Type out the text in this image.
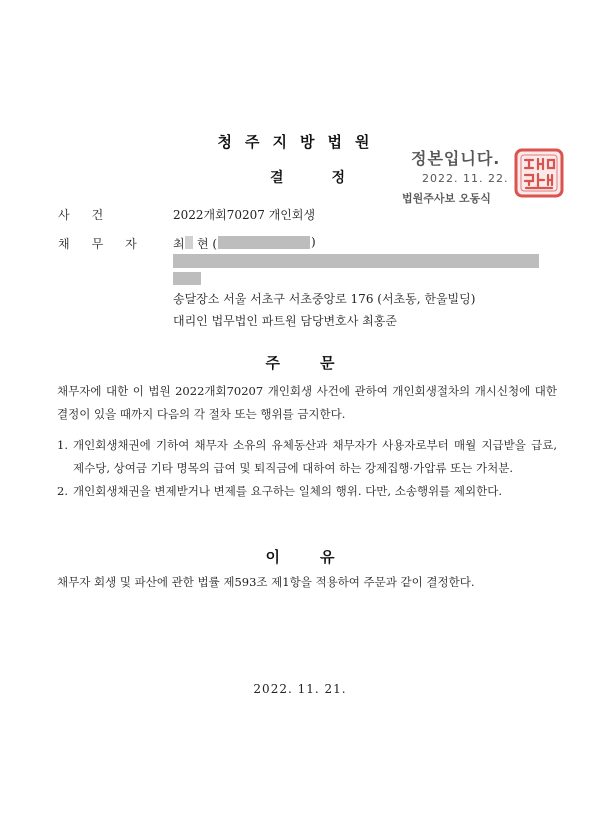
청주지방법원
결정
정본입니다.
2022. 11. 22.
법원주사보 오동식
사건	2022개회70207 개인회생
채무자 최 현 (	)
송달장소 서울 서초구 서초중앙로 176 (서초동, 한울빌딩)
대리인 법무법인 파트원 담당변호사 최홍준
주문
채무자에 대한 이 법원 2022개회70207 개인회생 사건에 관하여 개인회생절차의 개시신청에 대한 결정이 있을 때까지 다음의 각 절차 또는 행위를 금지한다.
1. 개인회생채권에 기하여 채무자 소유의 유체동산과 채무자가 사용자로부터 매월 지급받을 급료, 제수당, 상여금 기타 명목의 급여 및 퇴직금에 대하여 하는 강제집행·가압류 또는 가처분.
2. 개인회생채권을 변제받거나 변제를 요구하는 일체의 행위. 다만, 소송행위를 제외한다.
이유
채무자 회생 및 파산에 관한 법률 제593조 제1항을 적용하여 주문과 같이 결정한다.
2022. 11. 21.
